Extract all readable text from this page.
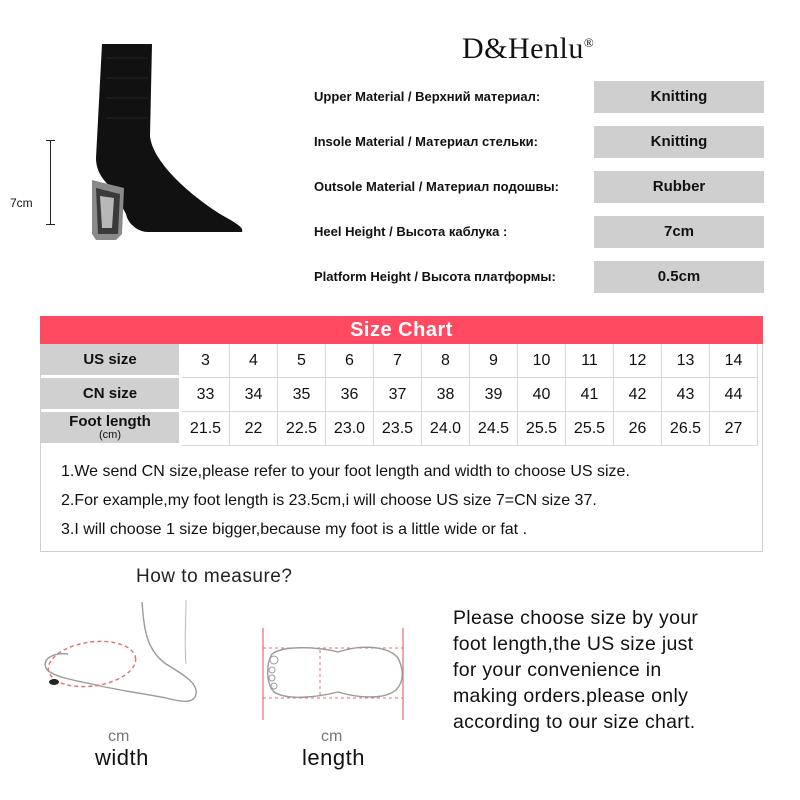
7cm
D&Henlu®
Upper Material / Верхний материал:	Knitting
Insole Material / Материал стельки:	Knitting
Outsole Material / Материал подошвы:	Rubber
Heel Height / Высота каблука :	7cm
Platform Height / Высота платформы:	0.5cm
Size Chart
US size	3	4	5	6	7	8	9	10	11	12	13	14

CN size	33	34	35	36	37	38	39	40	41	42	43	44

Foot length
(cm)	21.5	22	22.5	23.0	23.5	24.0	24.5	25.5	25.5	26	26.5	27
1.We send CN size,please refer to your foot length and width to choose US size.
2.For example,my foot length is 23.5cm,i will choose US size 7=CN size 37.
3.I will choose 1 size bigger,because my foot is a little wide or fat .
How to measure?
cm
width
cm
length
Please choose size by your
foot length,the US size just
for your convenience in
making orders.please only
according to our size chart.
